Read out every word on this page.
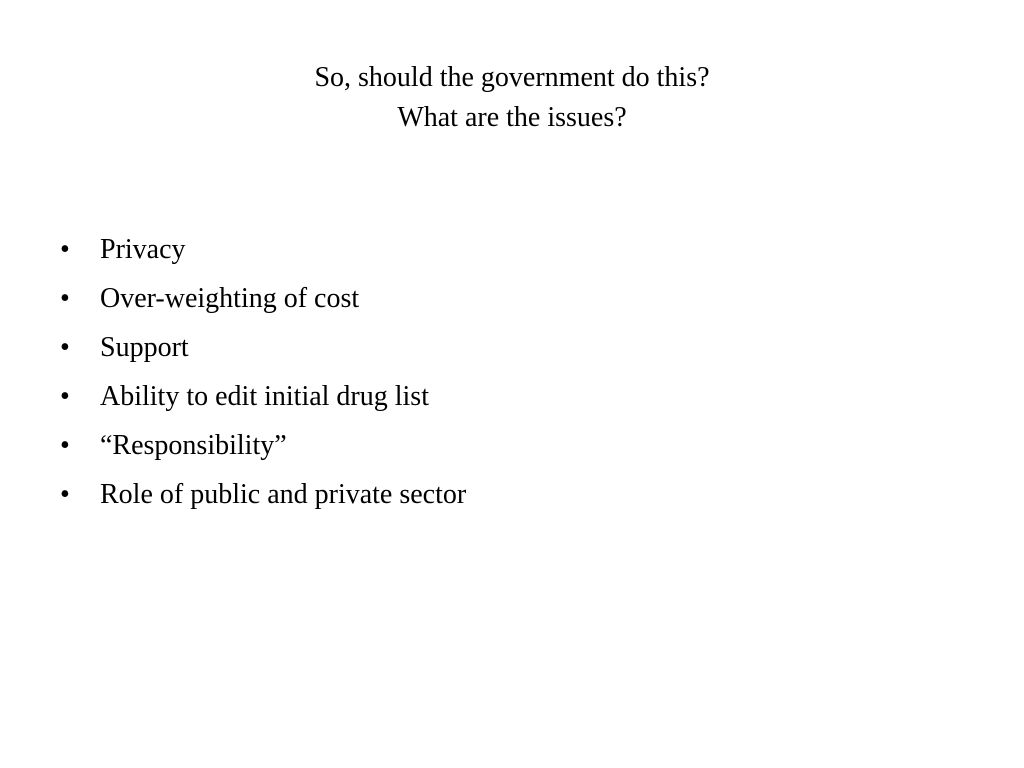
So, should the government do this?
What are the issues?
• Privacy
• Over-weighting of cost
• Support
• Ability to edit initial drug list
• “Responsibility”
• Role of public and private sector
